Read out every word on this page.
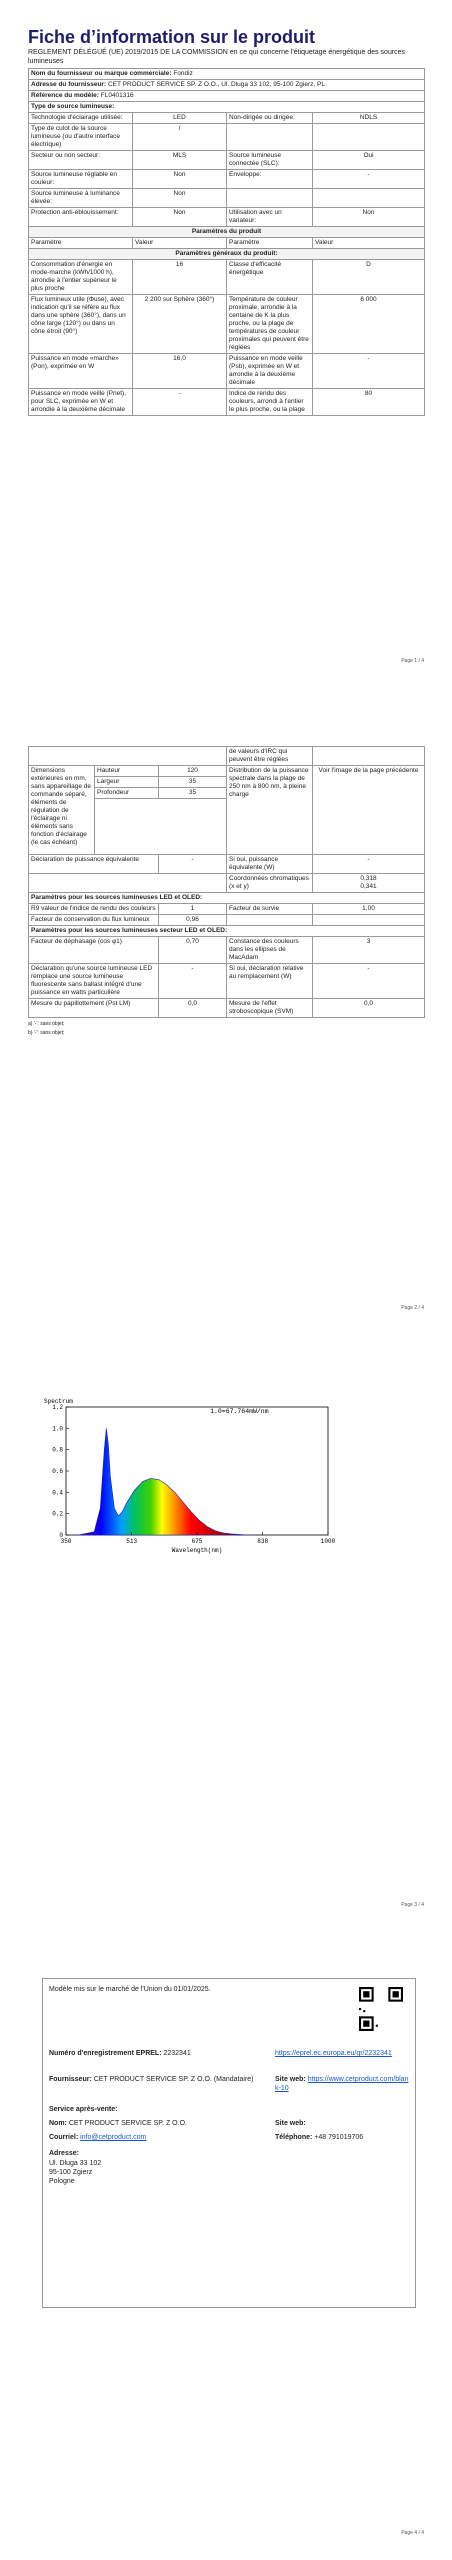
Fiche d’information sur le produit

REGLEMENT DÉLÉGUÉ (UE) 2019/2015 DE LA COMMISSION en ce qui concerne l'étiquetage énergétique des sources lumineuses

Nom du fournisseur ou marque commerciale: Fondiz			
Adresse du fournisseur: CET PRODUCT SERVICE SP. Z O.O., Ul. Dluga 33 102, 95-100 Zgierz, PL			
Référence du modèle: FL0401316			
Type de source lumineuse:			
Technologie d'éclairage utilisée:	LED	Non-dirigée ou dirigée:	NDLS
Type de culot de la source lumineuse (ou d'autre interface électrique)	/		
Secteur ou non secteur:	MLS	Source lumineuse connectée (SLC):	Oui
Source lumineuse réglable en couleur:	Non	Enveloppe:	-
Source lumineuse à luminance élevée:	Non		
Protection anti-éblouissement:	Non	Utilisation avec un variateur:	Non
Paramètres du produit			
Paramètre	Valeur	Paramètre	Valeur
Paramètres généraux du produit:			
Consommation d'énergie en mode-marche (kWh/1000 h), arrondie à l'entier supérieur le plus proche	16	Classe d'efficacité énergétique	D
Flux lumineux utile (Φuse), avec indication qu'il se réfère au flux dans une sphère (360°), dans un cône large (120°) ou dans un cône étroit (90°)	2 200 sur Sphère (360°)	Température de couleur proximale, arrondie à la centaine de K la plus proche, ou la plage de températures de couleur proximales qui peuvent être réglées	6 000
Puissance en mode «marche» (Pon), exprimée en W	16,0	Puissance en mode veille (Psb), exprimée en W et arrondie à la deuxième décimale	-
Puissance en mode veille (Pnet), pour SLC, exprimée en W et arrondie à la deuxième décimale	-	Indice de rendu des couleurs, arrondi à l'entier le plus proche, ou la plage	80
Page 1 / 4
			de valeurs d'IRC qui peuvent être réglées	
Dimensions extérieures en mm, sans appareillage de commande séparé, éléments de régulation de l'éclairage ni éléments sans fonction d'éclairage (le cas échéant)	Hauteur	120	Distribution de la puissance spectrale dans la plage de 250 nm à 800 nm, à pleine charge	Voir l'image de la page précédente
	Largeur	35		
	Profondeur	35		

Déclaration de puissance équivalente		-	Si oui, puissance équivalente (W)	-
			Coordonnées chromatiques (x et y)	0,318
0,341
Paramètres pour les sources lumineuses LED et OLED:				
R9 valeur de l'indice de rendu des couleurs		1	Facteur de survie	1,00
Facteur de conservation du flux lumineux		0,96		
Paramètres pour les sources lumineuses secteur LED et OLED:				
Facteur de déphasage (cos φ1)		0,70	Constance des couleurs dans les ellipses de MacAdam	3
Déclaration qu'une source lumineuse LED remplace une source lumineuse fluorescente sans ballast intégré d'une puissance en watts particulière		-	Si oui, déclaration relative au remplacement (W)	-
Mesure du papillottement (Pst LM)		0,0	Mesure de l'effet stroboscopique (SVM)	0,0
a) '-': sans objet;
b) '-': sans objet;
Page 2 / 4
350	513	675	838	1000
0
0.2
0.4
0.6
0.8
1.0
1.2
1.0=67.764mW/nm
Spectrum
Wavelength(nm)
Page 3 / 4
Modèle mis sur le marché de l'Union du 01/01/2025.
Numéro d'enregistrement EPREL: 2232341	https://eprel.ec.europa.eu/qr/2232341
Fournisseur: CET PRODUCT SERVICE SP. Z O.O. (Mandataire)	Site web: https://www.cetproduct.com/blank-10
Service après-vente:
Nom: CET PRODUCT SERVICE SP. Z O.O.	Site web:
Courriel: info@cetproduct.com	Téléphone: +48 791019706
Adresse:
Ul. Dluga 33 102
95-100 Zgierz
Pologne
Page 4 / 4
